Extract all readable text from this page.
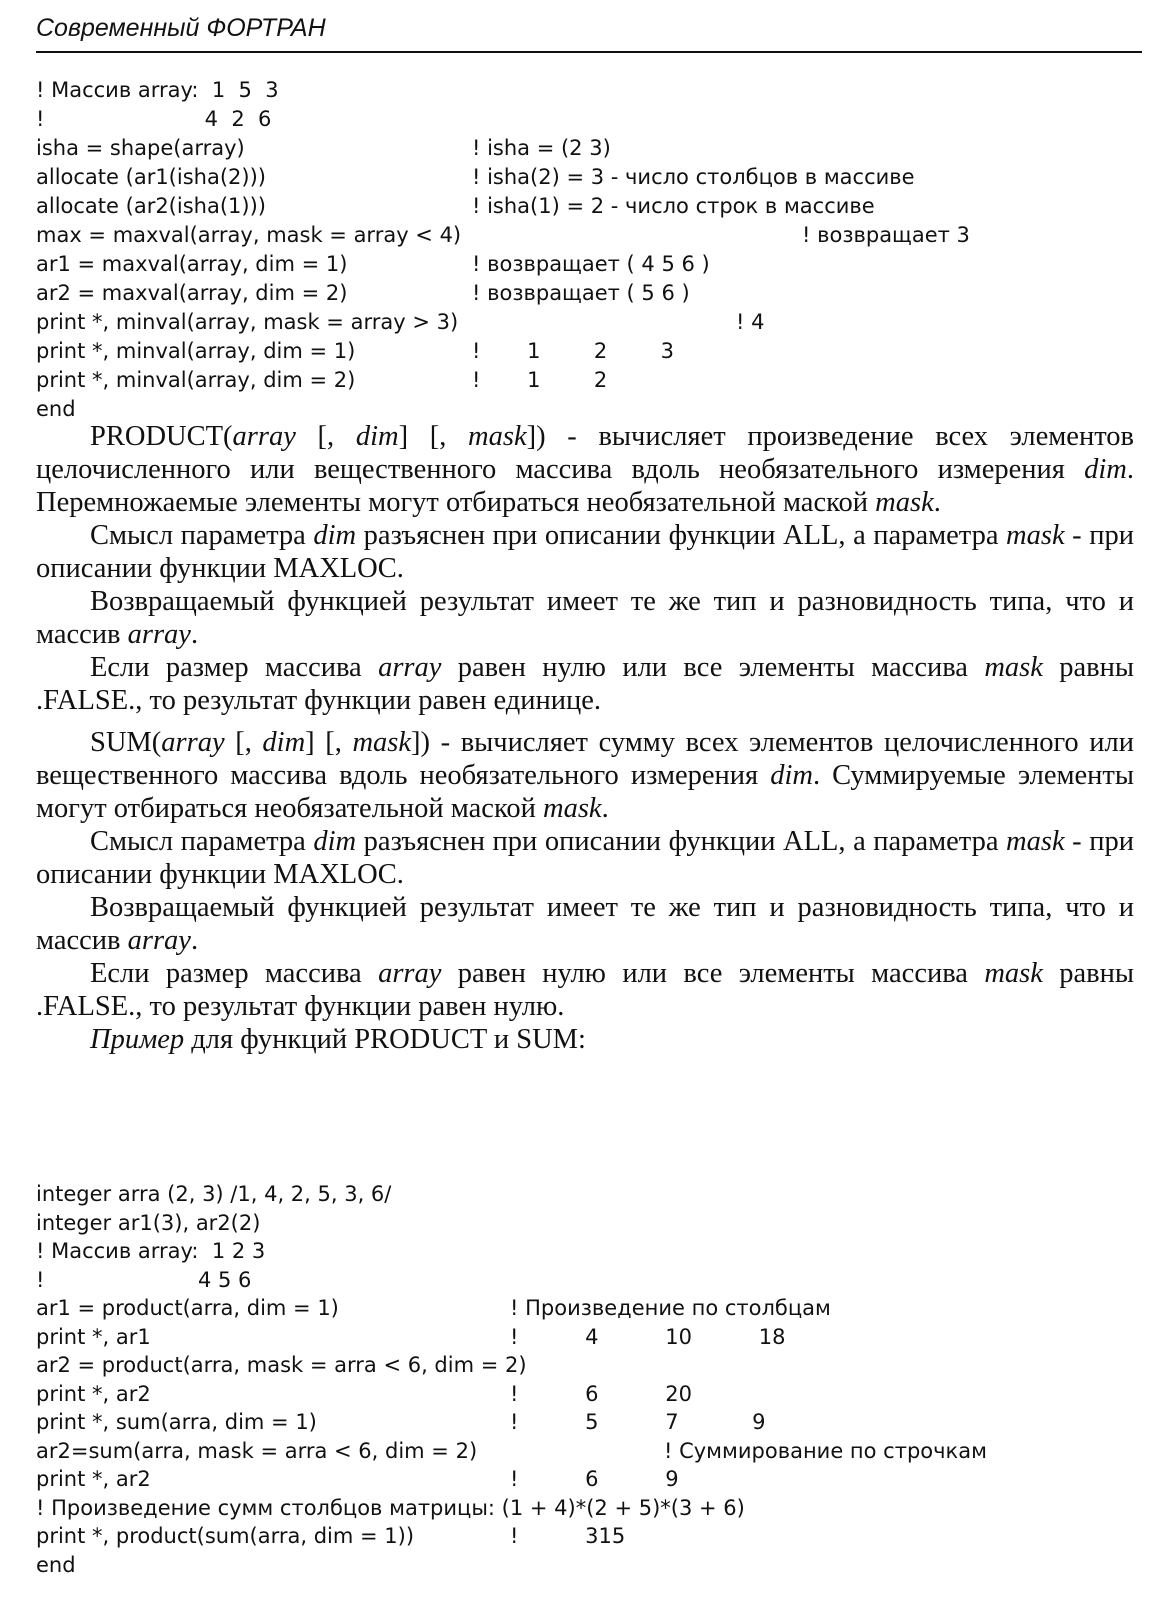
Современный ФОРТРАН
! Массив array:  1  5  3
!                        4  2  6
isha = shape(array)	! isha = (2 3)
allocate (ar1(isha(2)))	! isha(2) = 3 - число столбцов в массиве
allocate (ar2(isha(1)))	! isha(1) = 2 - число строк в массиве
max = maxval(array, mask = array < 4)	! возвращает 3
ar1 = maxval(array, dim = 1)	! возвращает ( 4 5 6 )
ar2 = maxval(array, dim = 2)	! возвращает ( 5 6 )
print *, minval(array, mask = array > 3)	! 4
print *, minval(array, dim = 1)	!       1        2        3
print *, minval(array, dim = 2)	!       1        2
end

PRODUCT(array [, dim] [, mask]) - вычисляет произведение всех элементов целочисленного или вещественного массива вдоль необязательного измерения dim. Перемножаемые элементы могут отбираться необязательной маской mask.

Смысл параметра dim разъяснен при описании функции ALL, а параметра mask - при описании функции MAXLOC.

Возвращаемый функцией результат имеет те же тип и разновидность типа, что и массив array.

Если размер массива array равен нулю или все элементы массива mask равны .FALSE., то результат функции равен единице.

SUM(array [, dim] [, mask]) - вычисляет сумму всех элементов целочисленного или вещественного массива вдоль необязательного измерения dim. Суммируемые элементы могут отбираться необязательной маской mask.

Смысл параметра dim разъяснен при описании функции ALL, а параметра mask - при описании функции MAXLOC.

Возвращаемый функцией результат имеет те же тип и разновидность типа, что и массив array.

Если размер массива array равен нулю или все элементы массива mask равны .FALSE., то результат функции равен нулю.

Пример для функций PRODUCT и SUM:

integer arra (2, 3) /1, 4, 2, 5, 3, 6/
integer ar1(3), ar2(2)
! Массив array:  1 2 3
!                       4 5 6
ar1 = product(arra, dim = 1)	! Произведение по столбцам
print *, ar1	!          4          10          18
ar2 = product(arra, mask = arra < 6, dim = 2)
print *, ar2	!          6          20
print *, sum(arra, dim = 1)	!          5          7           9
ar2=sum(arra, mask = arra < 6, dim = 2)	! Суммирование по строчкам
print *, ar2	!          6          9
! Произведение сумм столбцов матрицы: (1 + 4)*(2 + 5)*(3 + 6)
print *, product(sum(arra, dim = 1))	!          315
end
